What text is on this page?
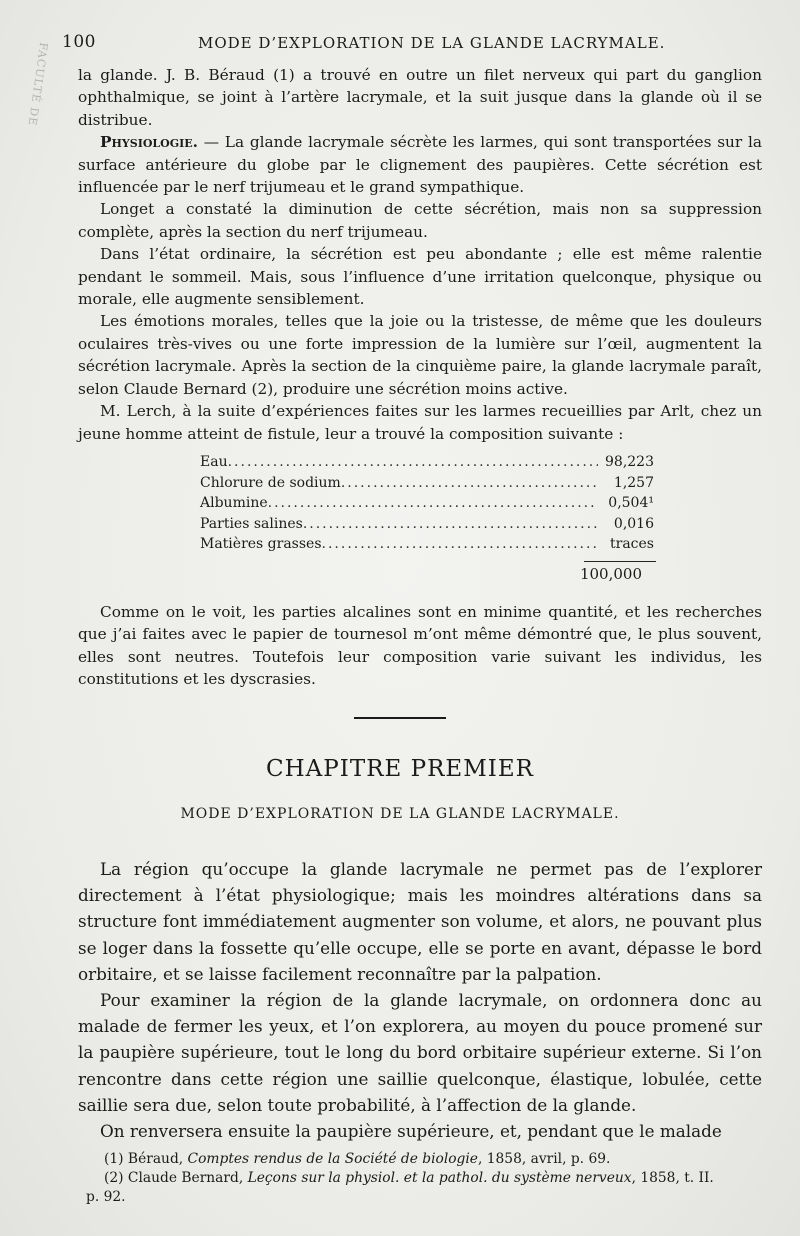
FACULTÉ DE 100	MODE D’EXPLORATION DE LA GLANDE LACRYMALE.

la glande. J. B. Béraud (1) a trouvé en outre un filet nerveux qui part du ganglion ophthalmique, se joint à l’artère lacrymale, et la suit jusque dans la glande où il se distribue.

Physiologie. — La glande lacrymale sécrète les larmes, qui sont transportées sur la surface antérieure du globe par le clignement des paupières. Cette sécrétion est influencée par le nerf trijumeau et le grand sympathique.

Longet a constaté la diminution de cette sécrétion, mais non sa suppression complète, après la section du nerf trijumeau.

Dans l’état ordinaire, la sécrétion est peu abondante ; elle est même ralentie pendant le sommeil. Mais, sous l’influence d’une irritation quelconque, physique ou morale, elle augmente sensiblement.

Les émotions morales, telles que la joie ou la tristesse, de même que les douleurs oculaires très-vives ou une forte impression de la lumière sur l’œil, augmentent la sécrétion lacrymale. Après la section de la cinquième paire, la glande lacrymale paraît, selon Claude Bernard (2), produire une sécrétion moins active.

M. Lerch, à la suite d’expériences faites sur les larmes recueillies par Arlt, chez un jeune homme atteint de fistule, leur a trouvé la composition suivante :

Eau .....	98,223
Chlorure de sodium .....	1,257
Albumine .....	0,504¹
Parties salines .....	0,016
Matières grasses .....	traces
100,000

Comme on le voit, les parties alcalines sont en minime quantité, et les recherches que j’ai faites avec le papier de tournesol m’ont même démontré que, le plus souvent, elles sont neutres. Toutefois leur composition varie suivant les individus, les constitutions et les dyscrasies.

CHAPITRE PREMIER
MODE D’EXPLORATION DE LA GLANDE LACRYMALE.

La région qu’occupe la glande lacrymale ne permet pas de l’explorer directement à l’état physiologique; mais les moindres altérations dans sa structure font immédiatement augmenter son volume, et alors, ne pouvant plus se loger dans la fossette qu’elle occupe, elle se porte en avant, dépasse le bord orbitaire, et se laisse facilement reconnaître par la palpation.

Pour examiner la région de la glande lacrymale, on ordonnera donc au malade de fermer les yeux, et l’on explorera, au moyen du pouce promené sur la paupière supérieure, tout le long du bord orbitaire supérieur externe. Si l’on rencontre dans cette région une saillie quelconque, élastique, lobulée, cette saillie sera due, selon toute probabilité, à l’affection de la glande.

On renversera ensuite la paupière supérieure, et, pendant que le malade

(1) Béraud, Comptes rendus de la Société de biologie, 1858, avril, p. 69.

(2) Claude Bernard, Leçons sur la physiol. et la pathol. du système nerveux, 1858, t. II.

p. 92.
